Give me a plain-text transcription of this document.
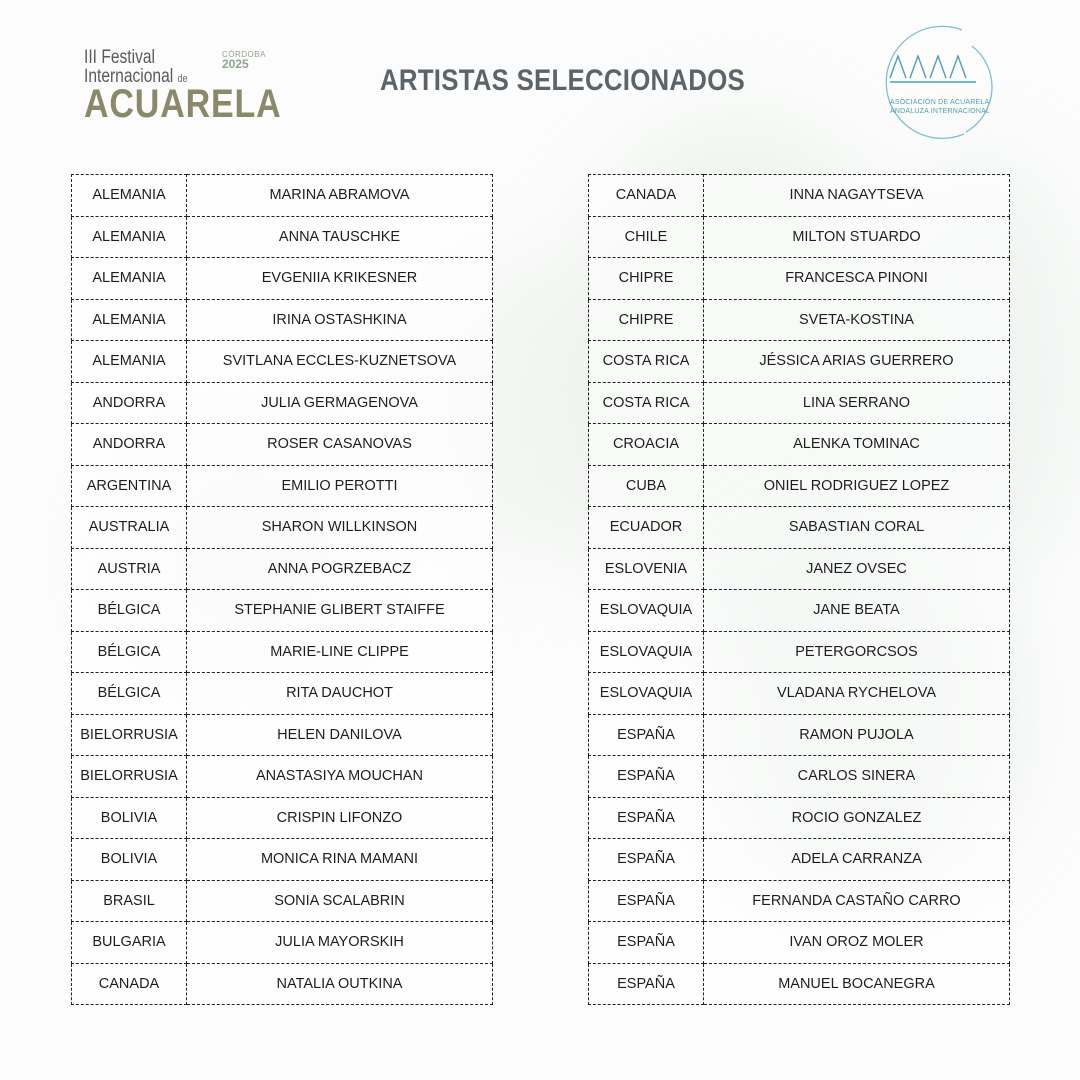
III Festival
Internacional de
CÓRDOBA
2025
ACUARELA
ARTISTAS SELECCIONADOS
ASOCIACIÓN DE ACUARELA
ANDALUZA INTERNACIONAL
ALEMANIA	MARINA ABRAMOVA
ALEMANIA	ANNA TAUSCHKE
ALEMANIA	EVGENIIA KRIKESNER
ALEMANIA	IRINA OSTASHKINA
ALEMANIA	SVITLANA ECCLES-KUZNETSOVA
ANDORRA	JULIA GERMAGENOVA
ANDORRA	ROSER CASANOVAS
ARGENTINA	EMILIO PEROTTI
AUSTRALIA	SHARON WILLKINSON
AUSTRIA	ANNA POGRZEBACZ
BÉLGICA	STEPHANIE GLIBERT STAIFFE
BÉLGICA	MARIE-LINE CLIPPE
BÉLGICA	RITA DAUCHOT
BIELORRUSIA	HELEN DANILOVA
BIELORRUSIA	ANASTASIYA MOUCHAN
BOLIVIA	CRISPIN LIFONZO
BOLIVIA	MONICA RINA MAMANI
BRASIL	SONIA SCALABRIN
BULGARIA	JULIA MAYORSKIH
CANADA	NATALIA OUTKINA
CANADA	INNA NAGAYTSEVA
CHILE	MILTON STUARDO
CHIPRE	FRANCESCA PINONI
CHIPRE	SVETA-KOSTINA
COSTA RICA	JÉSSICA ARIAS GUERRERO
COSTA RICA	LINA SERRANO
CROACIA	ALENKA TOMINAC
CUBA	ONIEL RODRIGUEZ LOPEZ
ECUADOR	SABASTIAN CORAL
ESLOVENIA	JANEZ OVSEC
ESLOVAQUIA	JANE BEATA
ESLOVAQUIA	PETERGORCSOS
ESLOVAQUIA	VLADANA RYCHELOVA
ESPAÑA	RAMON PUJOLA
ESPAÑA	CARLOS SINERA
ESPAÑA	ROCIO GONZALEZ
ESPAÑA	ADELA CARRANZA
ESPAÑA	FERNANDA CASTAÑO CARRO
ESPAÑA	IVAN OROZ MOLER
ESPAÑA	MANUEL BOCANEGRA
